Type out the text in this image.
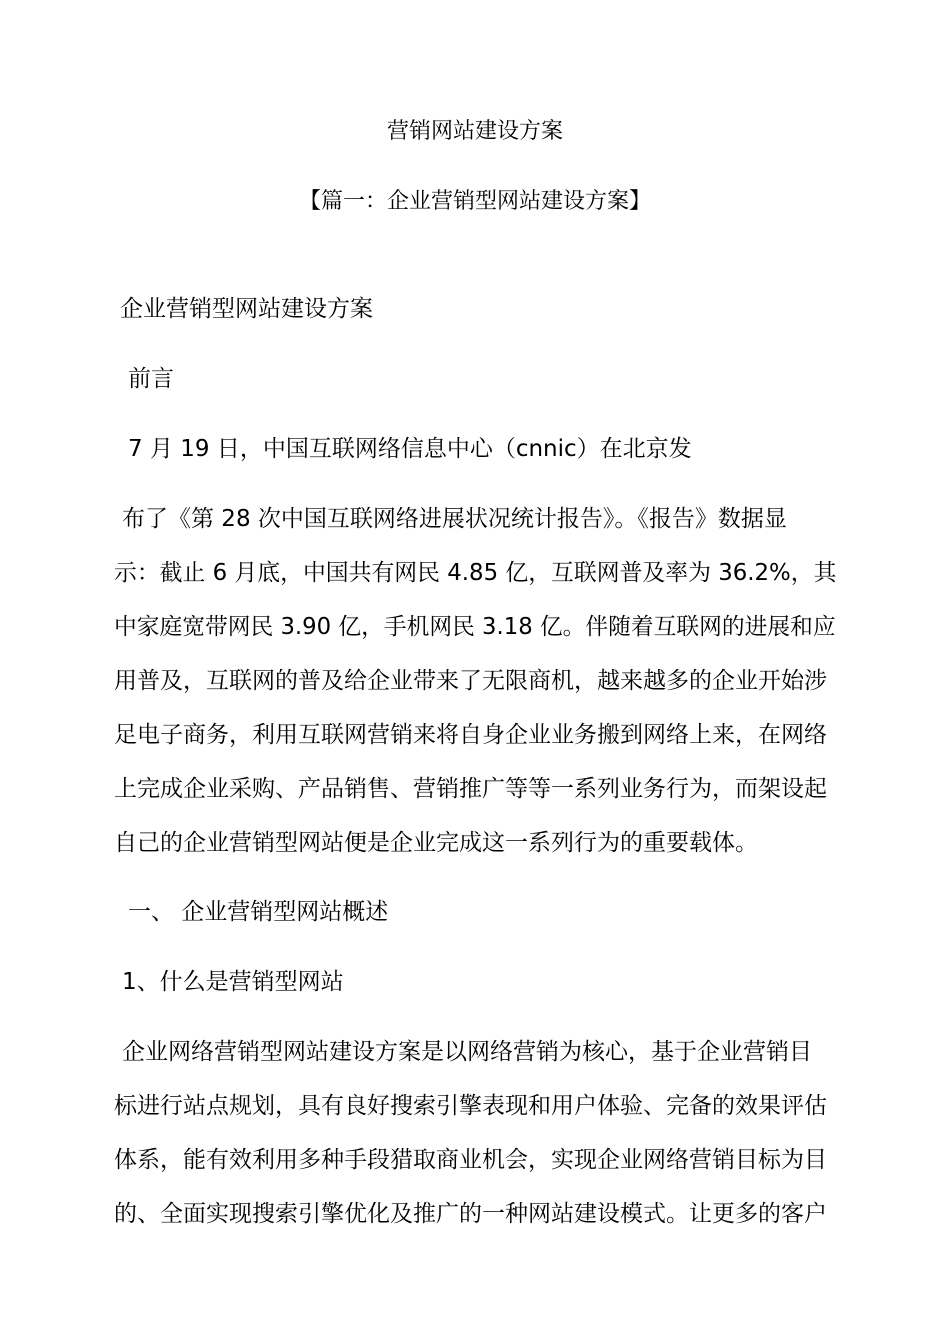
营销网站建设方案
【篇一：企业营销型网站建设方案】
企业营销型网站建设方案
前言
7 月 19 日，中国互联网络信息中心（cnnic）在北京发
布了《第 28 次中国互联网络进展状况统计报告》。《报告》数据显
示：截止 6 月底，中国共有网民 4.85 亿，互联网普及率为 36.2%，其
中家庭宽带网民 3.90 亿，手机网民 3.18 亿。伴随着互联网的进展和应
用普及，互联网的普及给企业带来了无限商机，越来越多的企业开始涉
足电子商务，利用互联网营销来将自身企业业务搬到网络上来，在网络
上完成企业采购、产品销售、营销推广等等一系列业务行为，而架设起
自己的企业营销型网站便是企业完成这一系列行为的重要载体。
一、 企业营销型网站概述
1、什么是营销型网站
企业网络营销型网站建设方案是以网络营销为核心，基于企业营销目
标进行站点规划，具有良好搜索引擎表现和用户体验、完备的效果评估
体系，能有效利用多种手段猎取商业机会，实现企业网络营销目标为目
的、全面实现搜索引擎优化及推广的一种网站建设模式。让更多的客户
